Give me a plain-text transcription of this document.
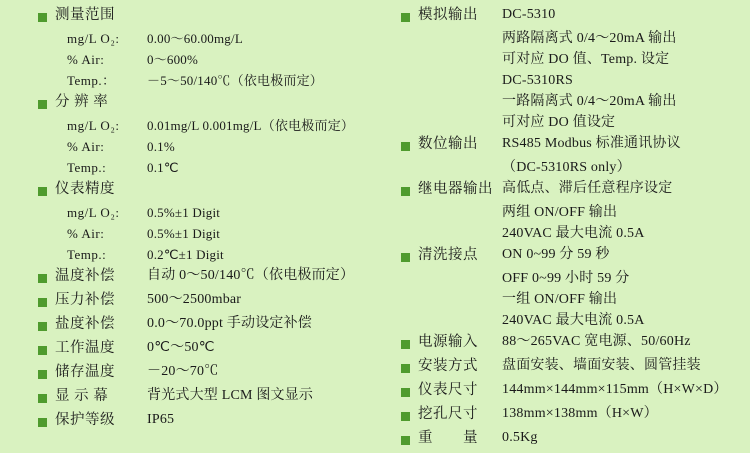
测量范围
mg/L O₂:	0.00～60.00mg/L
% Air:	0～600%
Temp.：	－5～50/140℃（依电极而定）
分 辨 率
mg/L O₂:	0.01mg/L 0.001mg/L（依电极而定）
% Air:	0.1%
Temp.:	0.1℃
仪表精度
mg/L O₂:	0.5%±1 Digit
% Air:	0.5%±1 Digit
Temp.:	0.2℃±1 Digit
温度补偿	自动 0～50/140℃（依电极而定）
压力补偿	500～2500mbar
盐度补偿	0.0～70.0ppt 手动设定补偿
工作温度	0℃～50℃
储存温度	－20～70℃
显 示 幕	背光式大型 LCM 图文显示
保护等级	IP65
模拟输出	DC-5310
两路隔离式 0/4～20mA 输出
可对应 DO 值、Temp. 设定
DC-5310RS
一路隔离式 0/4～20mA 输出
可对应 DO 值设定
数位输出	RS485 Modbus 标准通讯协议
（DC-5310RS only）
继电器输出 高低点、滞后任意程序设定
两组 ON/OFF 输出
240VAC 最大电流 0.5A
清洗接点	ON 0~99 分 59 秒
OFF 0~99 小时 59 分
一组 ON/OFF 输出
240VAC 最大电流 0.5A
电源输入	88～265VAC 宽电源、50/60Hz
安装方式	盘面安装、墙面安装、圆管挂装
仪表尺寸	144mm×144mm×115mm（H×W×D）
挖孔尺寸	138mm×138mm（H×W）
重　　量	0.5Kg
